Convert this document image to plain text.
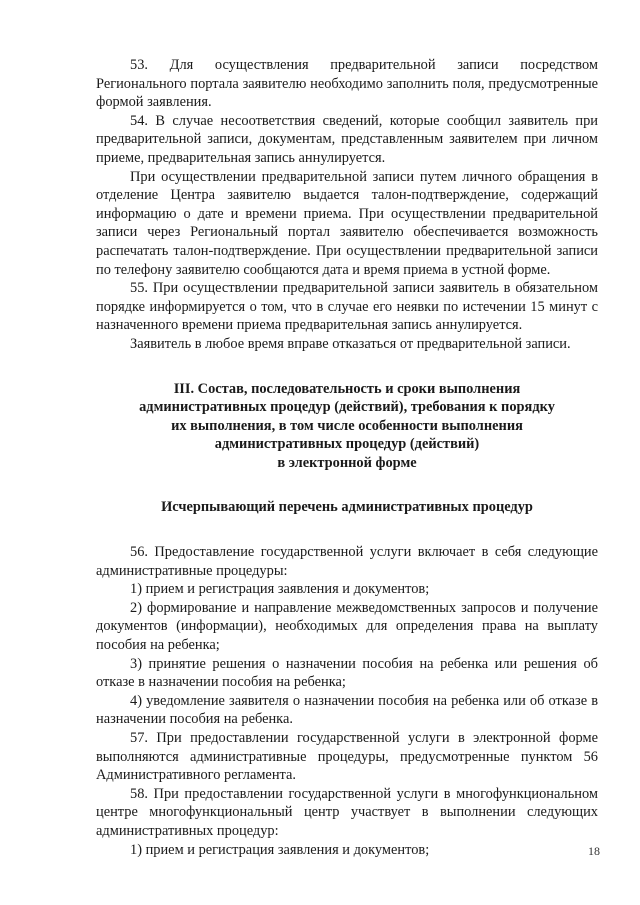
53. Для осуществления предварительной записи посредством Регионального портала заявителю необходимо заполнить поля, предусмотренные формой заявления.

54. В случае несоответствия сведений, которые сообщил заявитель при предварительной записи, документам, представленным заявителем при личном приеме, предварительная запись аннулируется.

При осуществлении предварительной записи путем личного обращения в отделение Центра заявителю выдается талон-подтверждение, содержащий информацию о дате и времени приема. При осуществлении предварительной записи через Региональный портал заявителю обеспечивается возможность распечатать талон-подтверждение. При осуществлении предварительной записи по телефону заявителю сообщаются дата и время приема в устной форме.

55. При осуществлении предварительной записи заявитель в обязательном порядке информируется о том, что в случае его неявки по истечении 15 минут с назначенного времени приема предварительная запись аннулируется.

Заявитель в любое время вправе отказаться от предварительной записи.

III. Состав, последовательность и сроки выполнения
административных процедур (действий), требования к порядку
их выполнения, в том числе особенности выполнения
административных процедур (действий)
в электронной форме

Исчерпывающий перечень административных процедур

56. Предоставление государственной услуги включает в себя следующие административные процедуры:

1) прием и регистрация заявления и документов;

2) формирование и направление межведомственных запросов и получение документов (информации), необходимых для определения права на выплату пособия на ребенка;

3) принятие решения о назначении пособия на ребенка или решения об отказе в назначении пособия на ребенка;

4) уведомление заявителя о назначении пособия на ребенка или об отказе в назначении пособия на ребенка.

57. При предоставлении государственной услуги в электронной форме выполняются административные процедуры, предусмотренные пунктом 56 Административного регламента.

58. При предоставлении государственной услуги в многофункциональном центре многофункциональный центр участвует в выполнении следующих административных процедур:

1) прием и регистрация заявления и документов;	18
